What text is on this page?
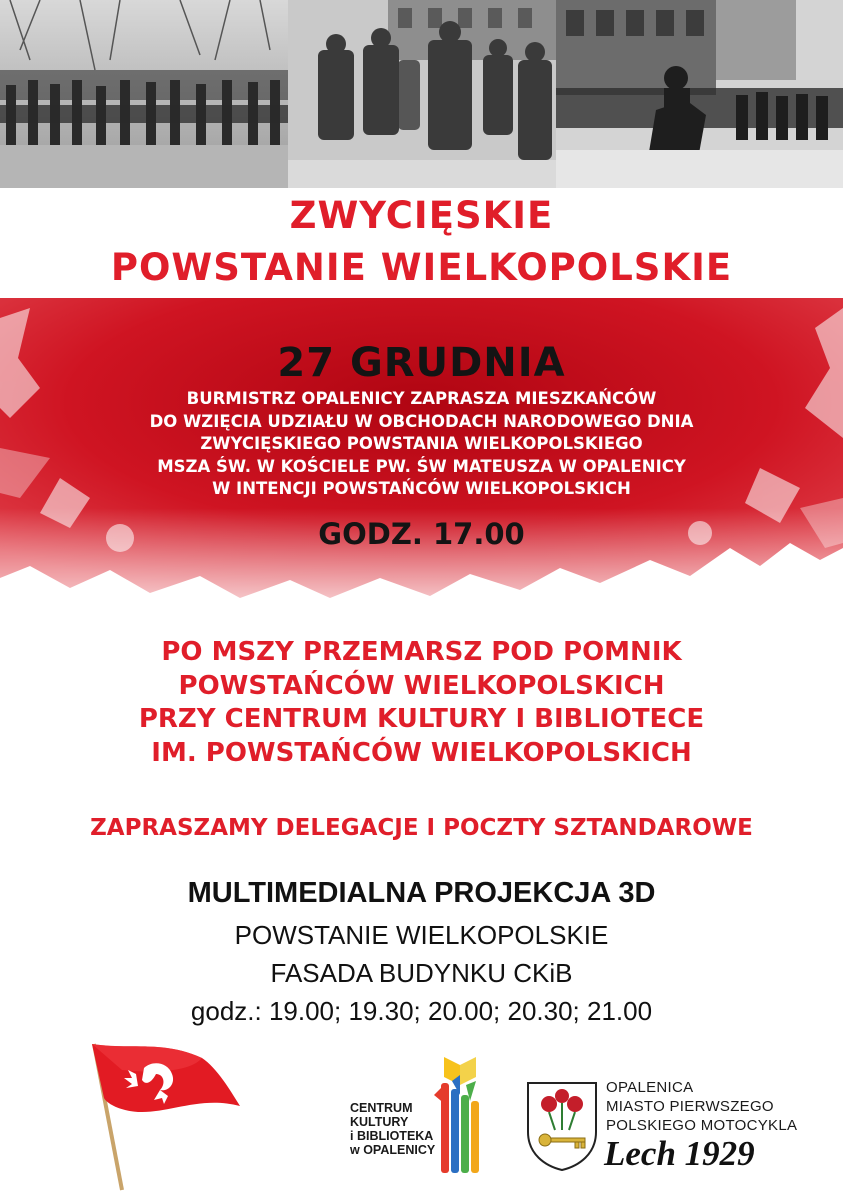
ZWYCIĘSKIE
POWSTANIE WIELKOPOLSKIE
27 GRUDNIA
BURMISTRZ OPALENICY ZAPRASZA MIESZKAŃCÓW
DO WZIĘCIA UDZIAŁU W OBCHODACH NARODOWEGO DNIA
ZWYCIĘSKIEGO POWSTANIA WIELKOPOLSKIEGO
MSZA ŚW. W KOŚCIELE PW. ŚW MATEUSZA W OPALENICY
W INTENCJI POWSTAŃCÓW WIELKOPOLSKICH
GODZ. 17.00
PO MSZY PRZEMARSZ POD POMNIK
POWSTAŃCÓW WIELKOPOLSKICH
PRZY CENTRUM KULTURY I BIBLIOTECE
IM. POWSTAŃCÓW WIELKOPOLSKICH
ZAPRASZAMY DELEGACJE I POCZTY SZTANDAROWE
MULTIMEDIALNA PROJEKCJA 3D
POWSTANIE WIELKOPOLSKIE
FASADA BUDYNKU CKiB
godz.: 19.00; 19.30; 20.00; 20.30; 21.00
CENTRUM
KULTURY
i BIBLIOTEKA
w OPALENICY
OPALENICA
MIASTO PIERWSZEGO
POLSKIEGO MOTOCYKLA
Lech 1929
